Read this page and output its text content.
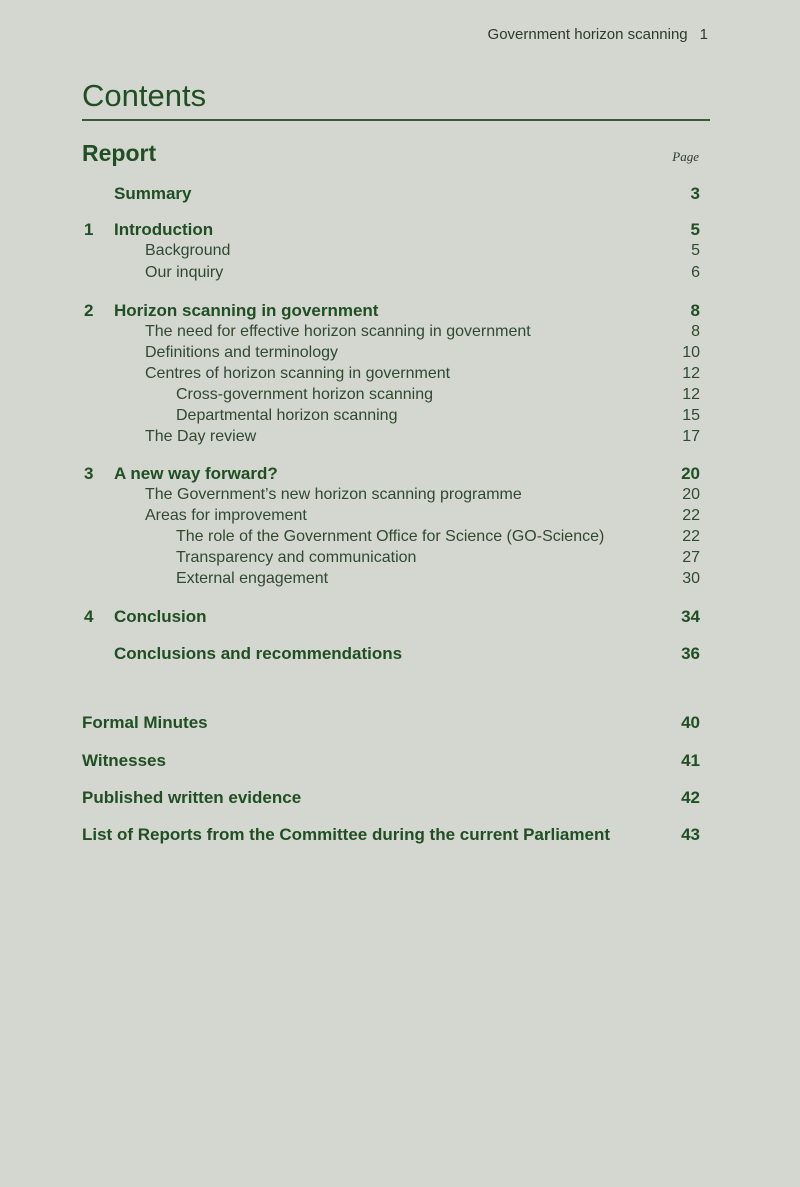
Government horizon scanning 1
Contents
Report	Page
Summary	3
1 Introduction	5
Background	5
Our inquiry	6
2 Horizon scanning in government	8
The need for effective horizon scanning in government	8
Definitions and terminology	10
Centres of horizon scanning in government	12
Cross-government horizon scanning	12
Departmental horizon scanning	15
The Day review	17
3 A new way forward?	20
The Government’s new horizon scanning programme	20
Areas for improvement	22
The role of the Government Office for Science (GO-Science)	22
Transparency and communication	27
External engagement	30
4 Conclusion	34
Conclusions and recommendations	36
Formal Minutes	40
Witnesses	41
Published written evidence	42
List of Reports from the Committee during the current Parliament	43
